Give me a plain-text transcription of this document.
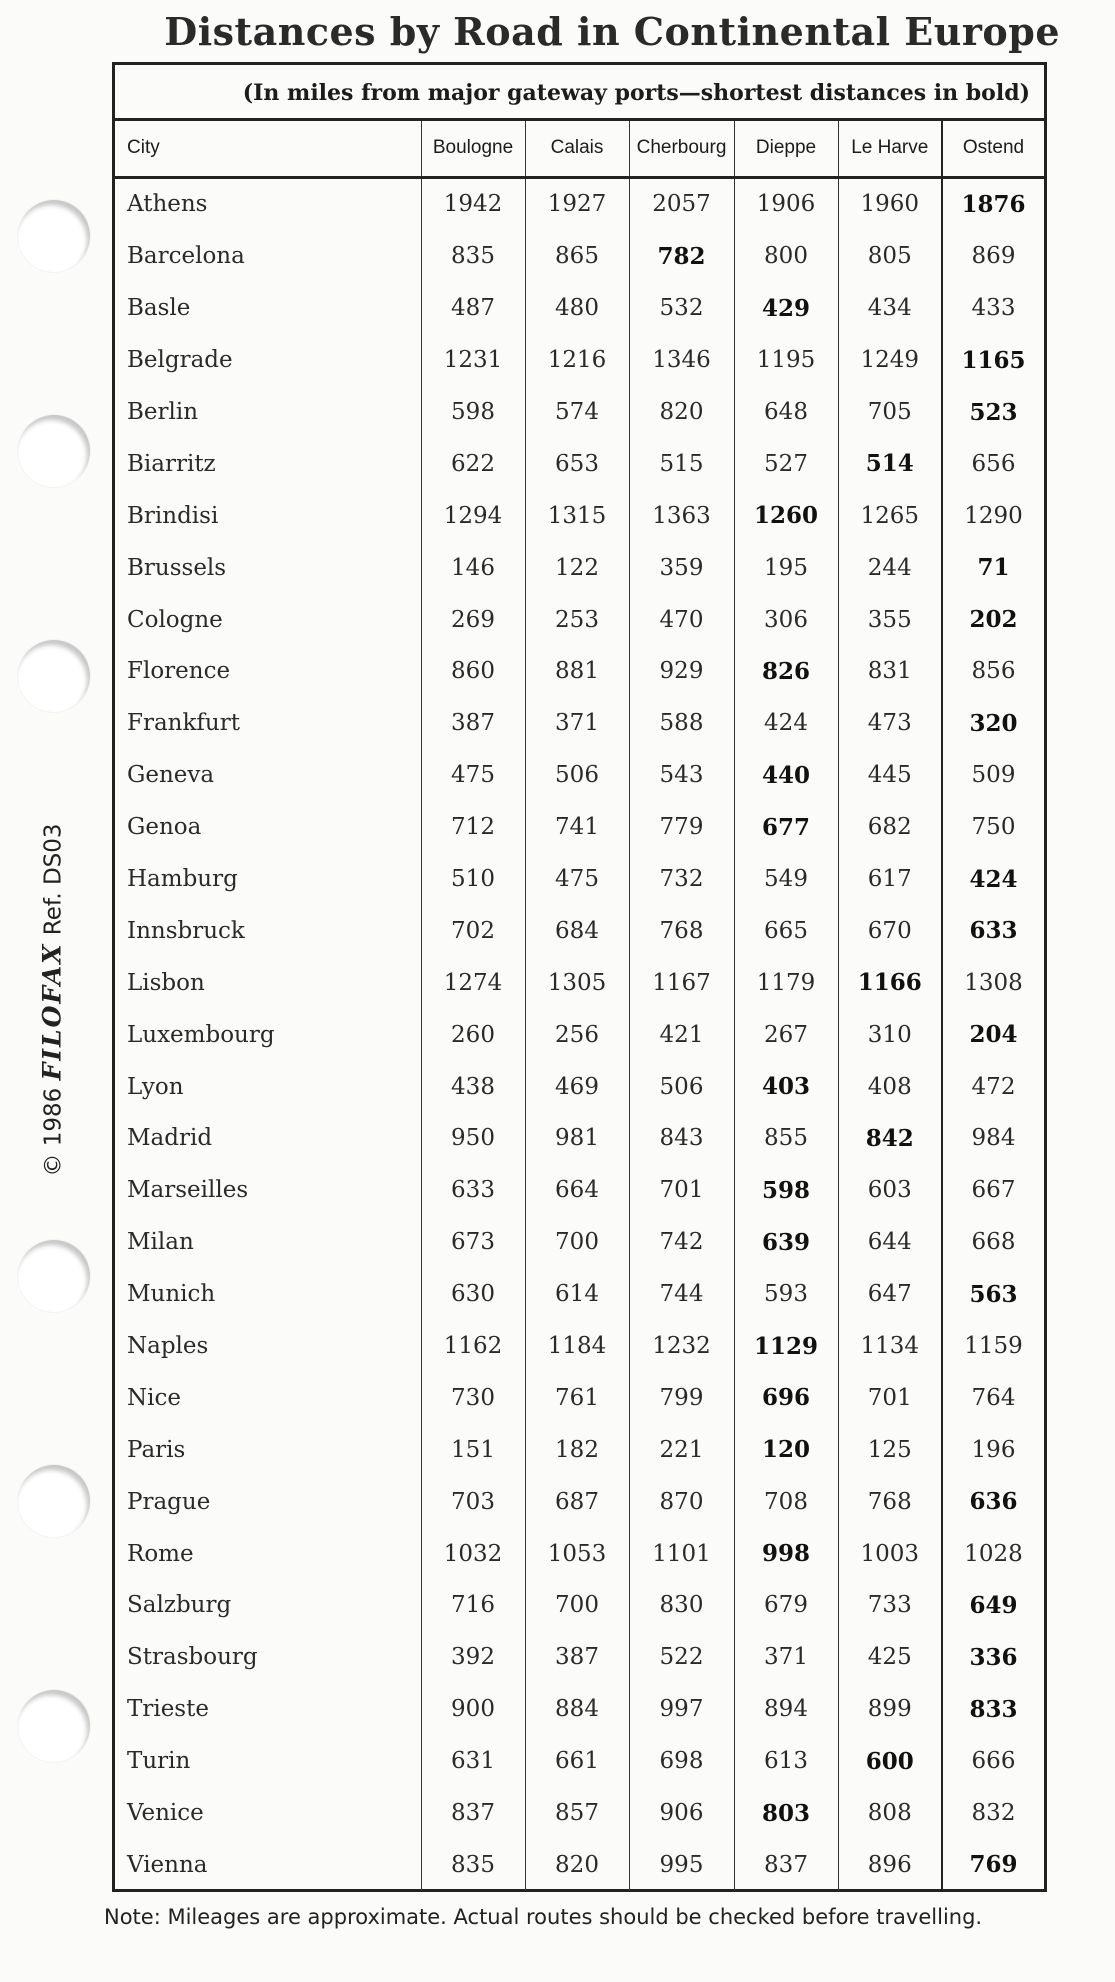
Distances by Road in Continental Europe
© 1986 FILOFAX Ref. DS03
(In miles from major gateway ports—shortest distances in bold)
City	Boulogne	Calais	Cherbourg	Dieppe	Le Harve	Ostend
Athens	1942	1927	2057	1906	1960	1876
Barcelona	835	865	782	800	805	869
Basle	487	480	532	429	434	433
Belgrade	1231	1216	1346	1195	1249	1165
Berlin	598	574	820	648	705	523
Biarritz	622	653	515	527	514	656
Brindisi	1294	1315	1363	1260	1265	1290
Brussels	146	122	359	195	244	71
Cologne	269	253	470	306	355	202
Florence	860	881	929	826	831	856
Frankfurt	387	371	588	424	473	320
Geneva	475	506	543	440	445	509
Genoa	712	741	779	677	682	750
Hamburg	510	475	732	549	617	424
Innsbruck	702	684	768	665	670	633
Lisbon	1274	1305	1167	1179	1166	1308
Luxembourg	260	256	421	267	310	204
Lyon	438	469	506	403	408	472
Madrid	950	981	843	855	842	984
Marseilles	633	664	701	598	603	667
Milan	673	700	742	639	644	668
Munich	630	614	744	593	647	563
Naples	1162	1184	1232	1129	1134	1159
Nice	730	761	799	696	701	764
Paris	151	182	221	120	125	196
Prague	703	687	870	708	768	636
Rome	1032	1053	1101	998	1003	1028
Salzburg	716	700	830	679	733	649
Strasbourg	392	387	522	371	425	336
Trieste	900	884	997	894	899	833
Turin	631	661	698	613	600	666
Venice	837	857	906	803	808	832
Vienna	835	820	995	837	896	769

Note: Mileages are approximate. Actual routes should be checked before travelling.
